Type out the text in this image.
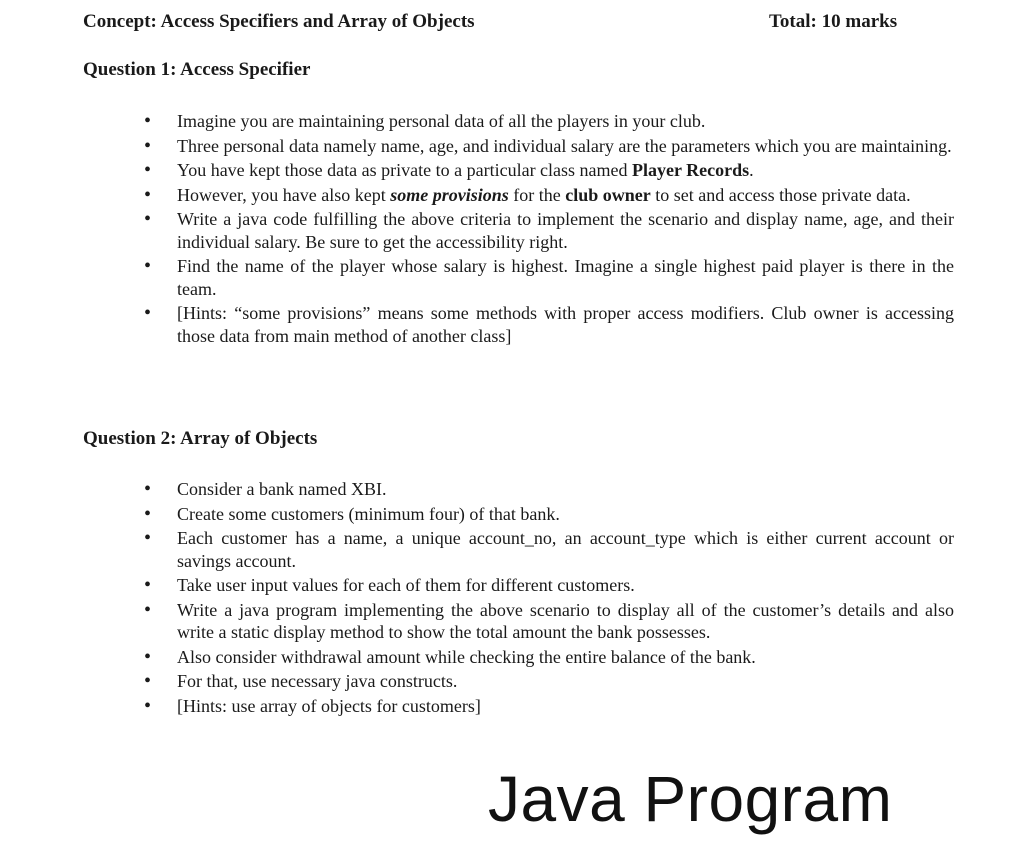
Concept: Access Specifiers and Array of Objects	Total: 10 marks
Question 1: Access Specifier
• Imagine you are maintaining personal data of all the players in your club.
• Three personal data namely name, age, and individual salary are the parameters which you are maintaining.
• You have kept those data as private to a particular class named Player Records.
• However, you have also kept some provisions for the club owner to set and access those private data.
• Write a java code fulfilling the above criteria to implement the scenario and display name, age, and their individual salary. Be sure to get the accessibility right.
• Find the name of the player whose salary is highest. Imagine a single highest paid player is there in the team.
• [Hints: “some provisions” means some methods with proper access modifiers. Club owner is accessing those data from main method of another class]
Question 2: Array of Objects
• Consider a bank named XBI.
• Create some customers (minimum four) of that bank.
• Each customer has a name, a unique account_no, an account_type which is either current account or savings account.
• Take user input values for each of them for different customers.
• Write a java program implementing the above scenario to display all of the customer’s details and also write a static display method to show the total amount the bank possesses.
• Also consider withdrawal amount while checking the entire balance of the bank.
• For that, use necessary java constructs.
• [Hints: use array of objects for customers]
Java Program
